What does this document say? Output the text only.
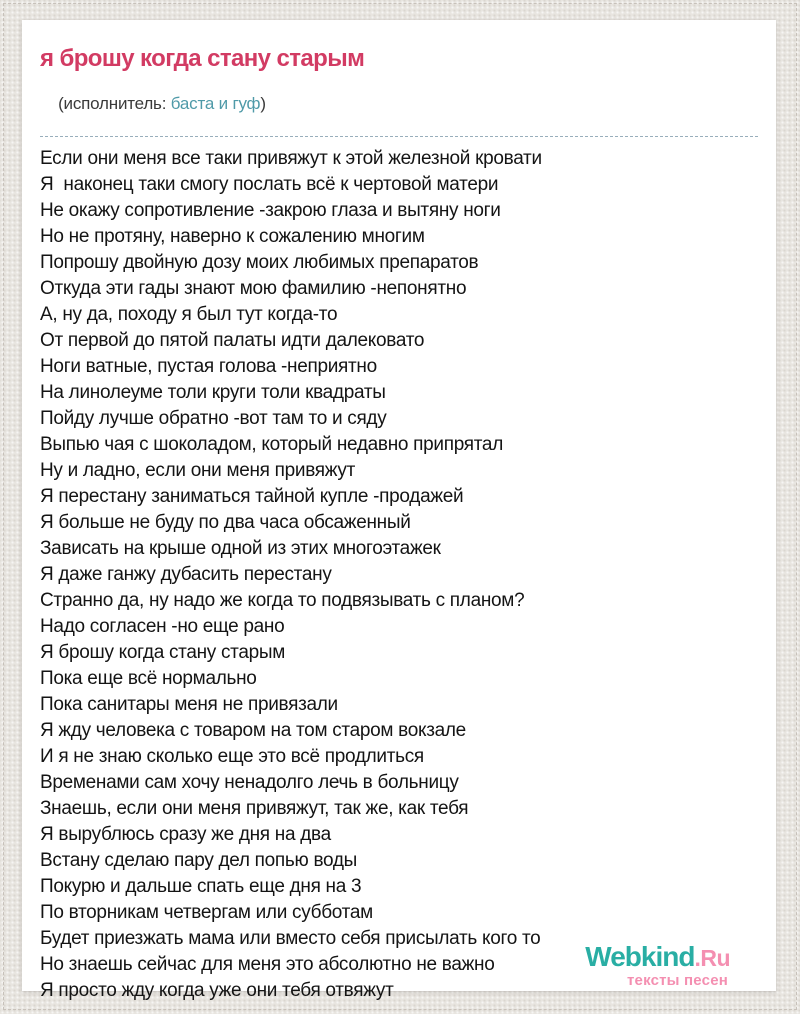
я брошу когда стану старым

(исполнитель: баста и гуф)

Если они меня все таки привяжут к этой железной кровати
Я  наконец таки смогу послать всё к чертовой матери
Не окажу сопротивление -закрою глаза и вытяну ноги
Но не протяну, наверно к сожалению многим
Попрошу двойную дозу моих любимых препаратов
Откуда эти гады знают мою фамилию -непонятно
А, ну да, походу я был тут когда-то
От первой до пятой палаты идти далековато
Ноги ватные, пустая голова -неприятно
На линолеуме толи круги толи квадраты
Пойду лучше обратно -вот там то и сяду
Выпью чая с шоколадом, который недавно припрятал
Ну и ладно, если они меня привяжут
Я перестану заниматься тайной купле -продажей
Я больше не буду по два часа обсаженный
Зависать на крыше одной из этих многоэтажек
Я даже ганжу дубасить перестану
Странно да, ну надо же когда то подвязывать с планом?
Надо согласен -но еще рано
Я брошу когда стану старым
Пока еще всё нормально
Пока санитары меня не привязали
Я жду человека с товаром на том старом вокзале
И я не знаю сколько еще это всё продлиться
Временами сам хочу ненадолго лечь в больницу
Знаешь, если они меня привяжут, так же, как тебя
Я вырублюсь сразу же дня на два
Встану сделаю пару дел попью воды
Покурю и дальше спать еще дня на 3
По вторникам четвергам или субботам
Будет приезжать мама или вместо себя присылать кого то
Но знаешь сейчас для меня это абсолютно не важно
Я просто жду когда уже они тебя отвяжут
Webkind.Ru
тексты песен
